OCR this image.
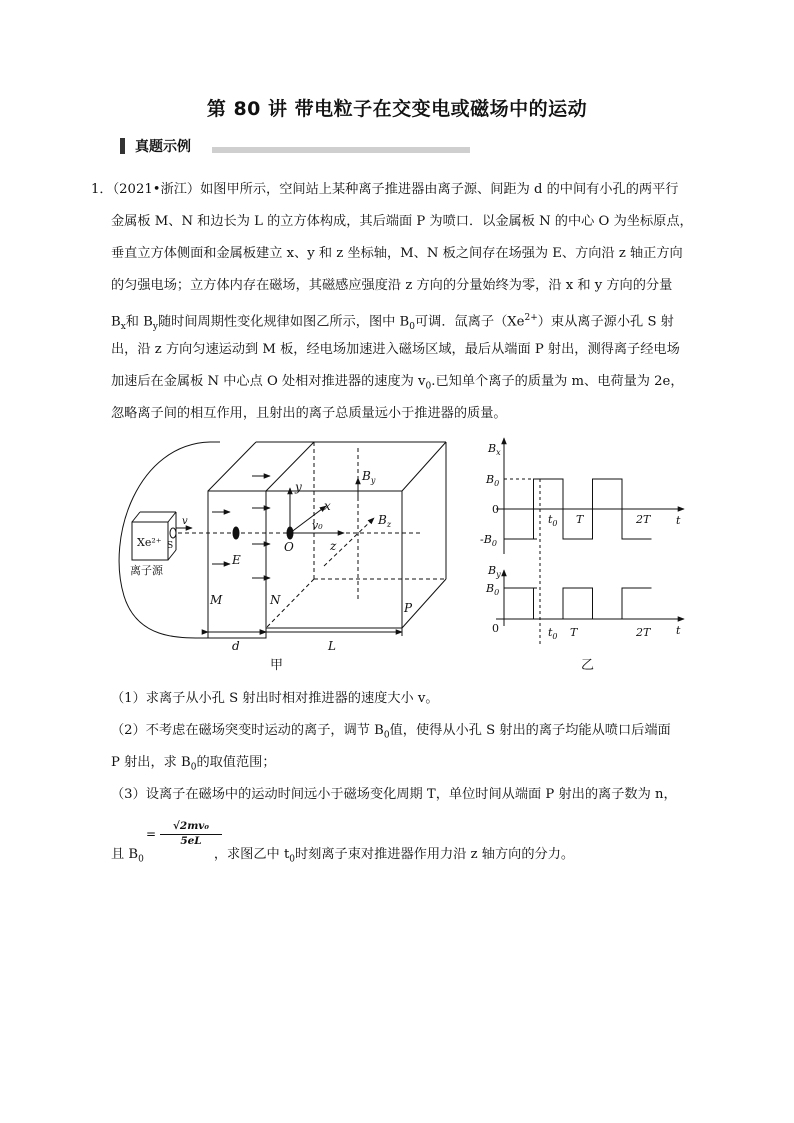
第 80 讲 带电粒子在交变电或磁场中的运动
真题示例
1．（2021•浙江）如图甲所示，空间站上某种离子推进器由离子源、间距为 d 的中间有小孔的两平行
金属板 M、N 和边长为 L 的立方体构成，其后端面 P 为喷口．以金属板 N 的中心 O 为坐标原点，
垂直立方体侧面和金属板建立 x、y 和 z 坐标轴，M、N 板之间存在场强为 E、方向沿 z 轴正方向
的匀强电场；立方体内存在磁场，其磁感应强度沿 z 方向的分量始终为零，沿 x 和 y 方向的分量
$B_x$和 $B_y$随时间周期性变化规律如图乙所示，图中 $B_0$可调．氙离子$(Xe^{2+})$束从离子源小孔 S 射
出，沿 z 方向匀速运动到 M 板，经电场加速进入磁场区域，最后从端面 P 射出，测得离子经电场
加速后在金属板 N 中心点 O 处相对推进器的速度为 $v_0$.已知单个离子的质量为 m、电荷量为 2e，
忽略离子间的相互作用，且射出的离子总质量远小于推进器的质量。
Xe²⁺ S
v
离子源
E
M	N
P
O
y
x
z
v₀
$B_y$
$B_z$
d	L
$B_x$
$B_0$
0
$-B_0$
$t_0$ T	2T t
$B_y$
$B_0$
0	$t_0$ T	2T t
甲	乙
（1）求离子从小孔 S 射出时相对推进器的速度大小 v。
（2）不考虑在磁场突变时运动的离子，调节 $B_0$值，使得从小孔 S 射出的离子均能从喷口后端面
P 射出，求 $B_0$的取值范围；
（3）设离子在磁场中的运动时间远小于磁场变化周期 T，单位时间从端面 P 射出的离子数为 n，
且 $B_0$	，求图乙中 $t_0$时刻离子束对推进器作用力沿 z 轴方向的分力。
=
√2mv₀
5eL
